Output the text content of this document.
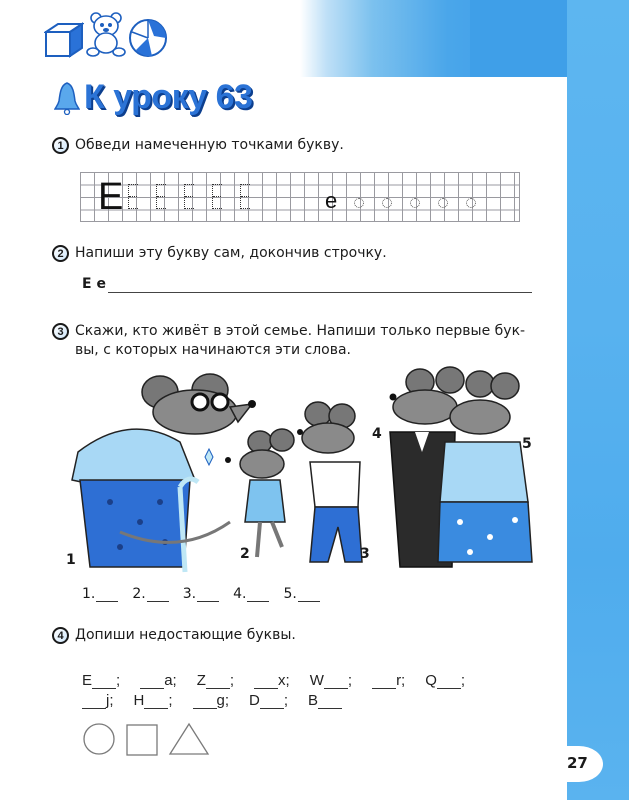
К уроку 63
1 Обведи намеченную точками букву.
Е	е
2 Напиши эту букву сам, докончив строчку.
Е е
3 Скажи, кто живёт в этой семье. Напиши только первые бук-
вы, с которых начинаются эти слова.
1	2	3
4
5
1.	2.	3.	4.	5.
4 Допиши недостающие буквы.
E ;	a; Z ;	x; W ;	r; Q ;
j; H ;	g; D ; B
27
